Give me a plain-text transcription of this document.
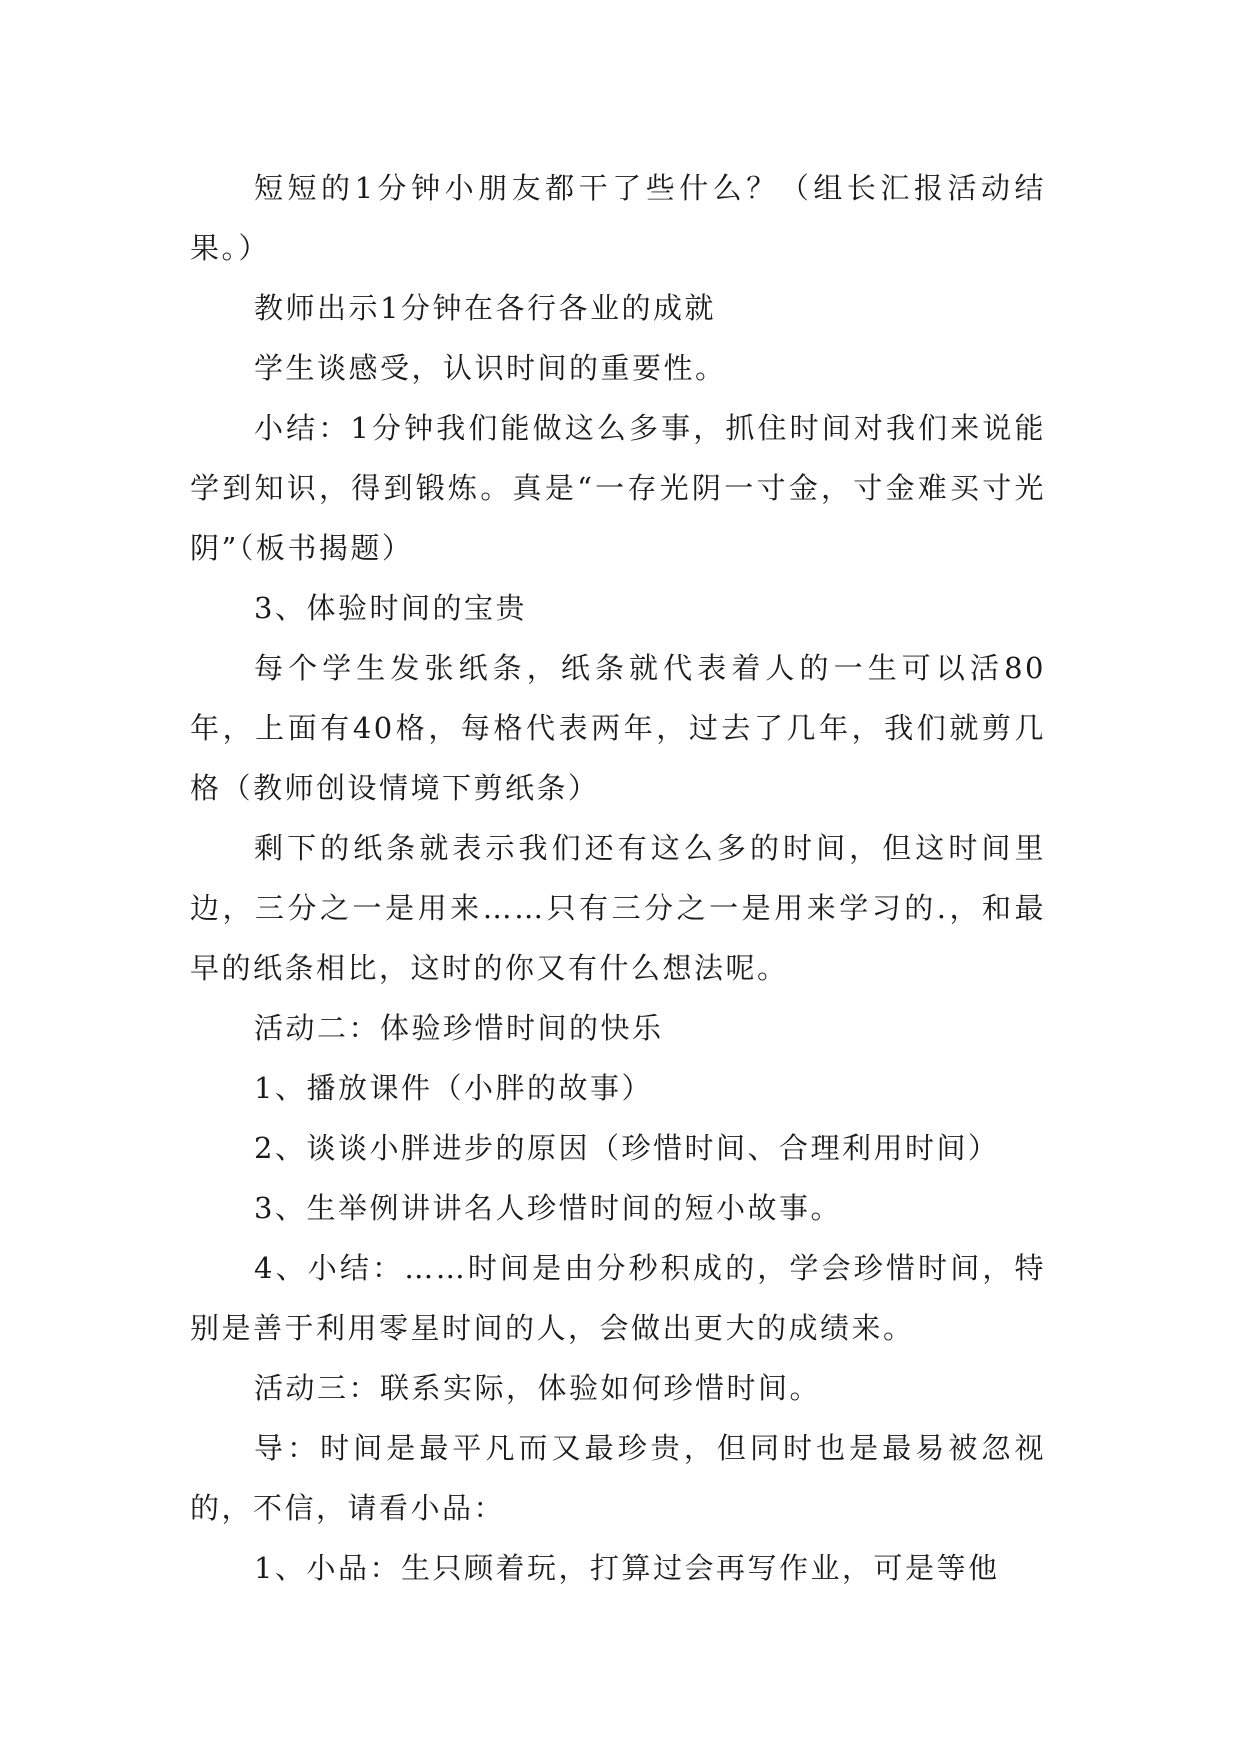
短短的1分钟小朋友都干了些什么？（组长汇报活动结果。）

教师出示1分钟在各行各业的成就

学生谈感受，认识时间的重要性。

小结：1分钟我们能做这么多事，抓住时间对我们来说能学到知识，得到锻炼。真是“一存光阴一寸金，寸金难买寸光阴”（板书揭题）

3、体验时间的宝贵

每个学生发张纸条，纸条就代表着人的一生可以活80年，上面有40格，每格代表两年，过去了几年，我们就剪几格（教师创设情境下剪纸条）

剩下的纸条就表示我们还有这么多的时间，但这时间里边，三分之一是用来……只有三分之一是用来学习的.，和最早的纸条相比，这时的你又有什么想法呢。

活动二：体验珍惜时间的快乐

1、播放课件（小胖的故事）

2、谈谈小胖进步的原因（珍惜时间、合理利用时间）

3、生举例讲讲名人珍惜时间的短小故事。

4、小结：……时间是由分秒积成的，学会珍惜时间，特别是善于利用零星时间的人，会做出更大的成绩来。

活动三：联系实际，体验如何珍惜时间。

导：时间是最平凡而又最珍贵，但同时也是最易被忽视的，不信，请看小品：

1、小品：生只顾着玩，打算过会再写作业，可是等他
